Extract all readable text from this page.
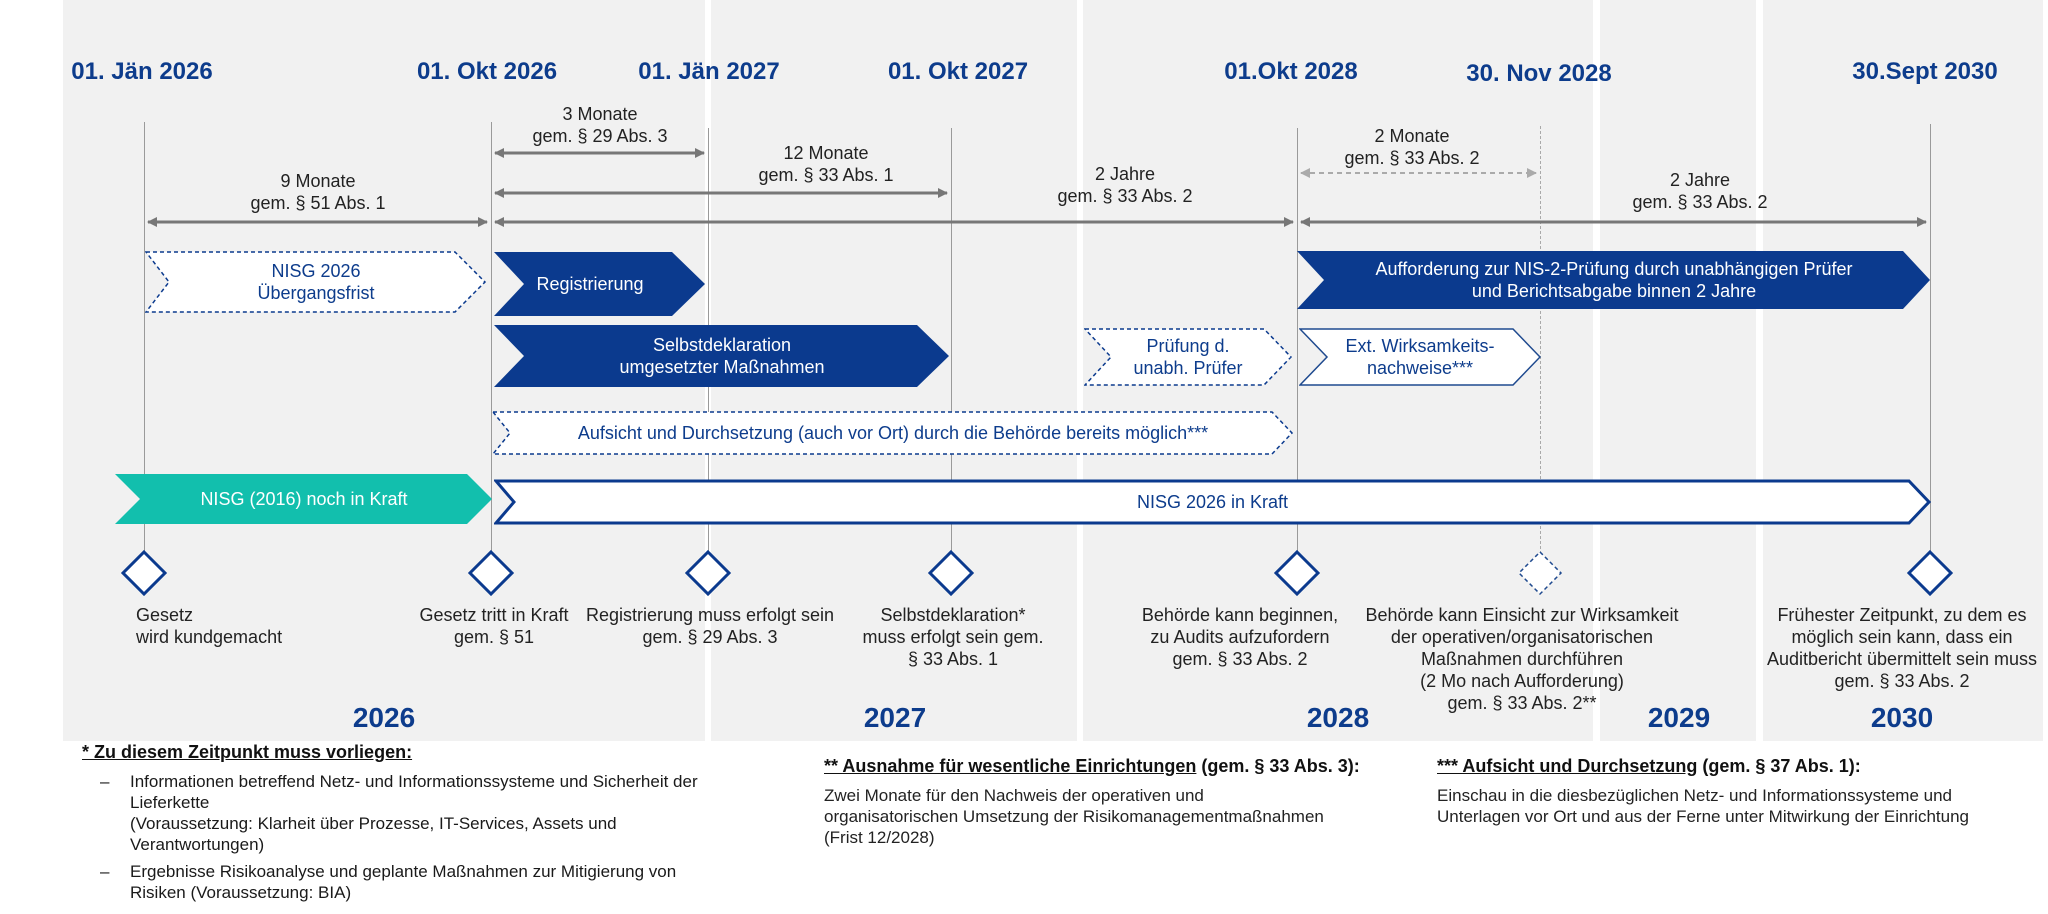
01. Jän 2026	01. Okt 2026	01. Jän 2027	01. Okt 2027	01.Okt 2028	30. Nov 2028	30.Sept 2030
9 Monate
gem. § 51 Abs. 1
3 Monate
gem. § 29 Abs. 3
12 Monate
gem. § 33 Abs. 1	2 Jahre
gem. § 33 Abs. 2
2 Monate
gem. § 33 Abs. 2
2 Jahre
gem. § 33 Abs. 2
NISG 2026
Übergangsfrist	Registrierung
Selbstdeklaration
umgesetzter Maßnahmen
Prüfung d.
unabh. Prüfer
Aufforderung zur NIS-2-Prüfung durch unabhängigen Prüfer
und Berichtsabgabe binnen 2 Jahre
Ext. Wirksamkeits-
nachweise***
Aufsicht und Durchsetzung (auch vor Ort) durch die Behörde bereits möglich***
NISG (2016) noch in Kraft	NISG 2026 in Kraft
Gesetz
wird kundgemacht
Gesetz tritt in Kraft
gem. § 51
Registrierung muss erfolgt sein
gem. § 29 Abs. 3
Selbstdeklaration*
muss erfolgt sein gem.
§ 33 Abs. 1
Behörde kann beginnen,
zu Audits aufzufordern
gem. § 33 Abs. 2
Behörde kann Einsicht zur Wirksamkeit
der operativen/organisatorischen
Maßnahmen durchführen
(2 Mo nach Aufforderung)
gem. § 33 Abs. 2**
Frühester Zeitpunkt, zu dem es
möglich sein kann, dass ein
Auditbericht übermittelt sein muss
gem. § 33 Abs. 2
2026	2027	2028	2029	2030
* Zu diesem Zeitpunkt muss vorliegen:
–	Informationen betreffend Netz- und Informationssysteme und Sicherheit der
Lieferkette
(Voraussetzung: Klarheit über Prozesse, IT-Services, Assets und
Verantwortungen)
–	Ergebnisse Risikoanalyse und geplante Maßnahmen zur Mitigierung von
Risiken (Voraussetzung: BIA)
** Ausnahme für wesentliche Einrichtungen (gem. § 33 Abs. 3):
Zwei Monate für den Nachweis der operativen und
organisatorischen Umsetzung der Risikomanagementmaßnahmen
(Frist 12/2028)
*** Aufsicht und Durchsetzung (gem. § 37 Abs. 1):
Einschau in die diesbezüglichen Netz- und Informationssysteme und
Unterlagen vor Ort und aus der Ferne unter Mitwirkung der Einrichtung
